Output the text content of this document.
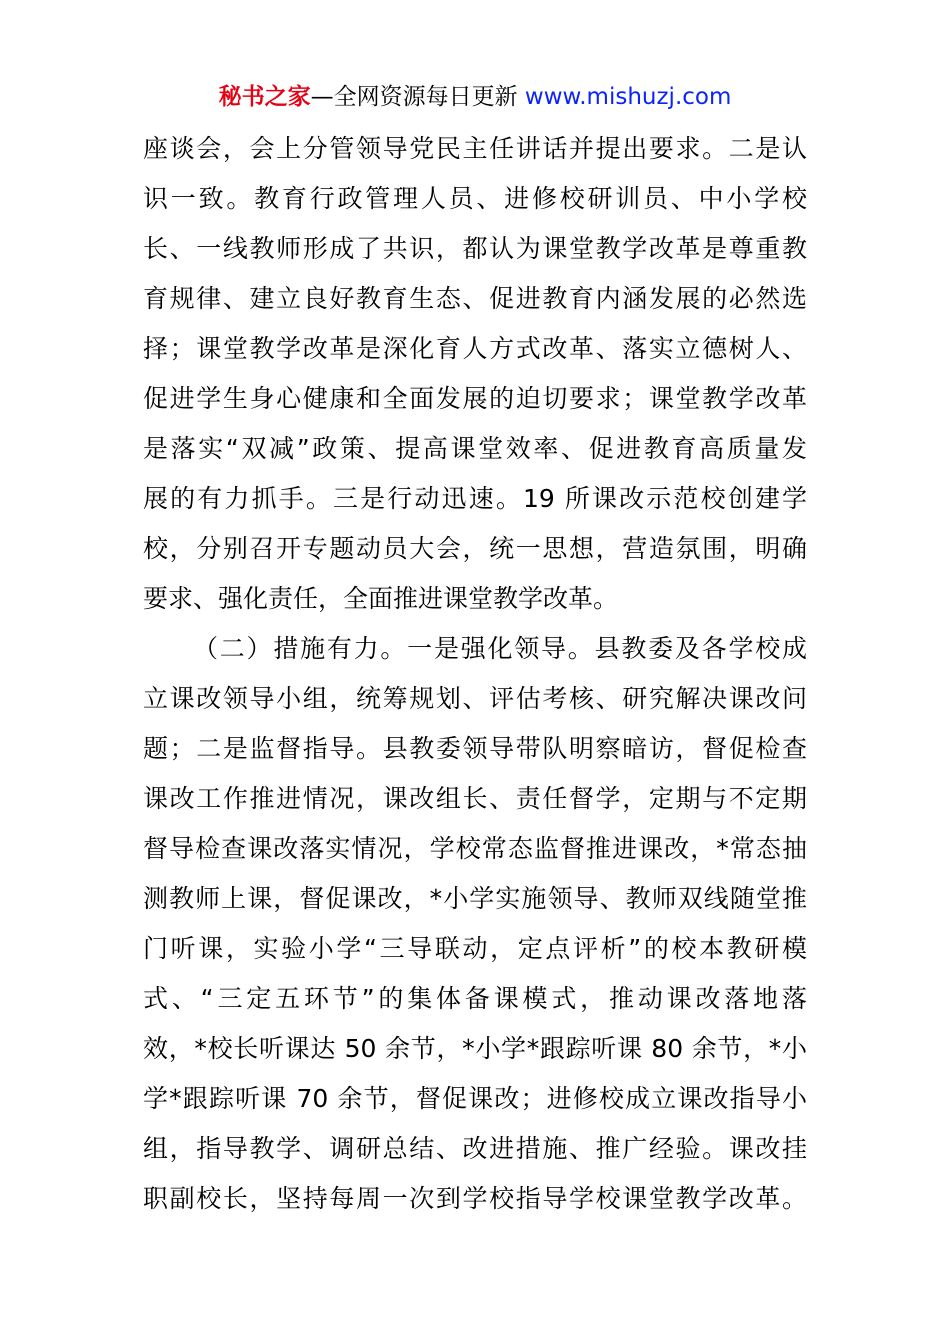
秘书之家—全网资源每日更新 www.mishuzj.com
座谈会，会上分管领导党民主任讲话并提出要求。二是认
识一致。教育行政管理人员、进修校研训员、中小学校
长、一线教师形成了共识，都认为课堂教学改革是尊重教
育规律、建立良好教育生态、促进教育内涵发展的必然选
择；课堂教学改革是深化育人方式改革、落实立德树人、
促进学生身心健康和全面发展的迫切要求；课堂教学改革
是落实“双减”政策、提高课堂效率、促进教育高质量发
展的有力抓手。三是行动迅速。19 所课改示范校创建学
校，分别召开专题动员大会，统一思想，营造氛围，明确
要求、强化责任，全面推进课堂教学改革。
（二）措施有力。一是强化领导。县教委及各学校成
立课改领导小组，统筹规划、评估考核、研究解决课改问
题；二是监督指导。县教委领导带队明察暗访，督促检查
课改工作推进情况，课改组长、责任督学，定期与不定期
督导检查课改落实情况，学校常态监督推进课改，*常态抽
测教师上课，督促课改，*小学实施领导、教师双线随堂推
门听课，实验小学“三导联动，定点评析”的校本教研模
式、“三定五环节”的集体备课模式，推动课改落地落
效，*校长听课达 50 余节，*小学*跟踪听课 80 余节，*小
学*跟踪听课 70 余节，督促课改；进修校成立课改指导小
组，指导教学、调研总结、改进措施、推广经验。课改挂
职副校长，坚持每周一次到学校指导学校课堂教学改革。
